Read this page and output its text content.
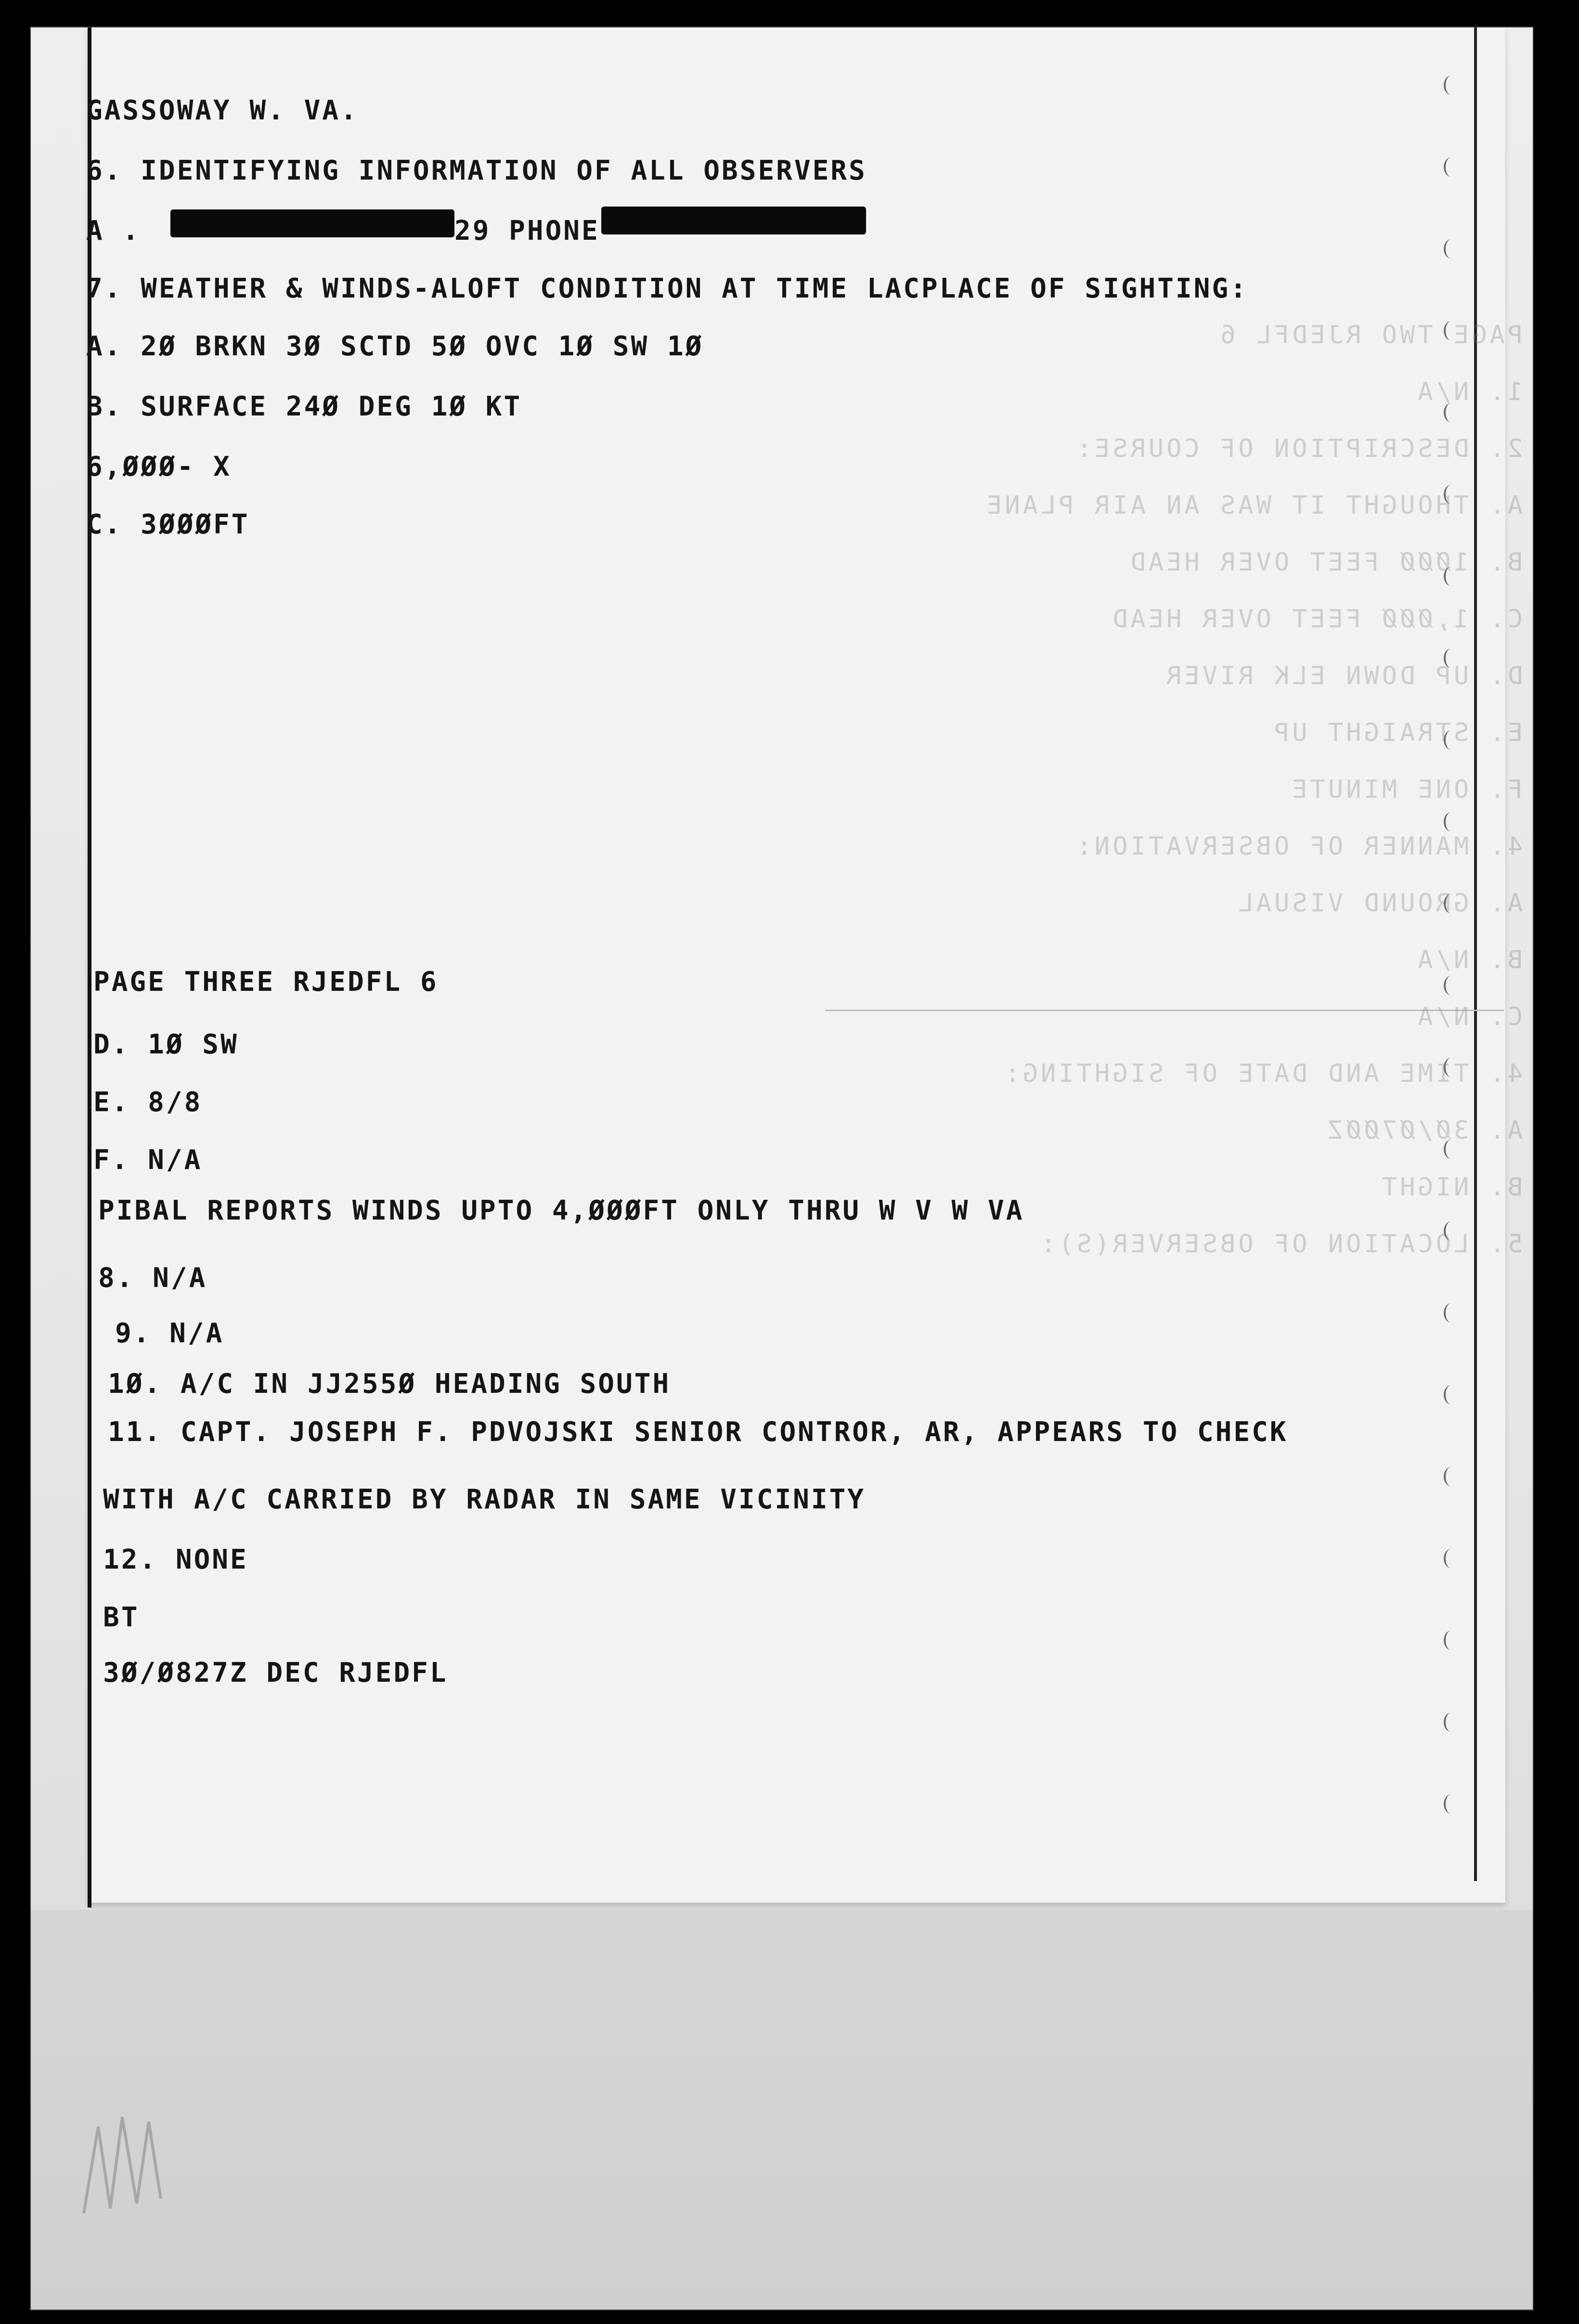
PAGE TWO RJEDFL 6
1. N/A
2. DESCRIPTION OF COURSE:
A. THOUGHT IT WAS AN AIR PLANE
B. 1ØØØ FEET OVER HEAD
C. 1,ØØØ FEET OVER HEAD
D. UP DOWN ELK RIVER
E. STRAIGHT UP
F. ONE MINUTE
4. MANNER OF OBSERVATION:
A. GROUND VISUAL
B. N/A
C. N/A
4. TIME AND DATE OF SIGHTING:
A. 3Ø/Ø7ØØZ
B. NIGHT
5. LOCATION OF OBSERVER(S):
GASSOWAY W. VA.
6. IDENTIFYING INFORMATION OF ALL OBSERVERS
A .	29 PHONE
7. WEATHER & WINDS-ALOFT CONDITION AT TIME LACPLACE OF SIGHTING:
A. 2Ø BRKN 3Ø SCTD 5Ø OVC 1Ø SW 1Ø
B. SURFACE 24Ø DEG 1Ø KT
6,ØØØ- X
C. 3ØØØFT
PAGE THREE RJEDFL 6
D. 1Ø SW
E. 8/8
F. N/A
PIBAL REPORTS WINDS UPTO 4,ØØØFT ONLY THRU W V W VA
8. N/A
9. N/A
1Ø. A/C IN JJ255Ø HEADING SOUTH
11. CAPT. JOSEPH F. PDVOJSKI SENIOR CONTROR, AR, APPEARS TO CHECK
WITH A/C CARRIED BY RADAR IN SAME VICINITY
12. NONE
BT
3Ø/Ø827Z DEC RJEDFL
